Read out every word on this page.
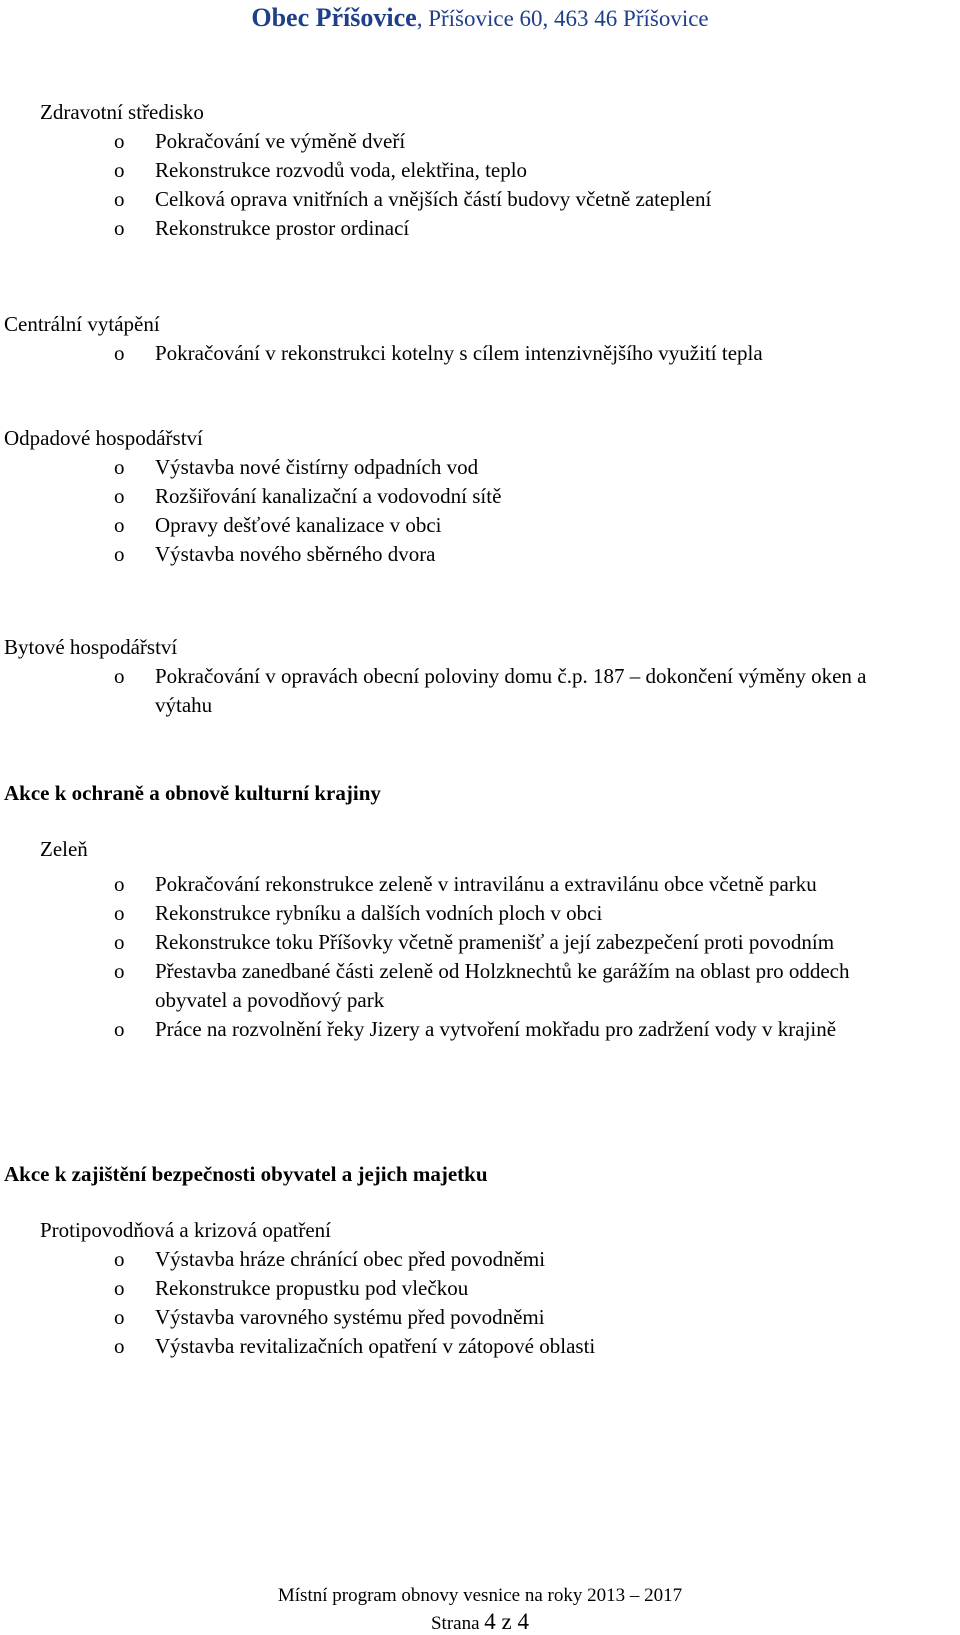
Obec Příšovice, Příšovice 60, 463 46 Příšovice

Zdravotní středisko

o Pokračování ve výměně dveří
o Rekonstrukce rozvodů voda, elektřina, teplo
o Celková oprava vnitřních a vnějších částí budovy včetně zateplení
o Rekonstrukce prostor ordinací

Centrální vytápění

o Pokračování v rekonstrukci kotelny s cílem intenzivnějšího využití tepla

Odpadové hospodářství

o Výstavba nové čistírny odpadních vod
o Rozšiřování kanalizační a vodovodní sítě
o Opravy dešťové kanalizace v obci
o Výstavba nového sběrného dvora

Bytové hospodářství

o Pokračování v opravách obecní poloviny domu č.p. 187 – dokončení výměny oken a výtahu
Akce k ochraně a obnově kulturní krajiny

Zeleň

o Pokračování rekonstrukce zeleně v intravilánu a extravilánu obce včetně parku
o Rekonstrukce rybníku a dalších vodních ploch v obci
o Rekonstrukce toku Příšovky včetně pramenišť a její zabezpečení proti povodním
o Přestavba zanedbané části zeleně od Holzknechtů ke garážím na oblast pro oddech obyvatel a povodňový park
o Práce na rozvolnění řeky Jizery a vytvoření mokřadu pro zadržení vody v krajině
Akce k zajištění bezpečnosti obyvatel a jejich majetku

Protipovodňová a krizová opatření

o Výstavba hráze chránící obec před povodněmi
o Rekonstrukce propustku pod vlečkou
o Výstavba varovného systému před povodněmi
o Výstavba revitalizačních opatření v zátopové oblasti
Místní program obnovy vesnice na roky 2013 – 2017
Strana 4 z 4
